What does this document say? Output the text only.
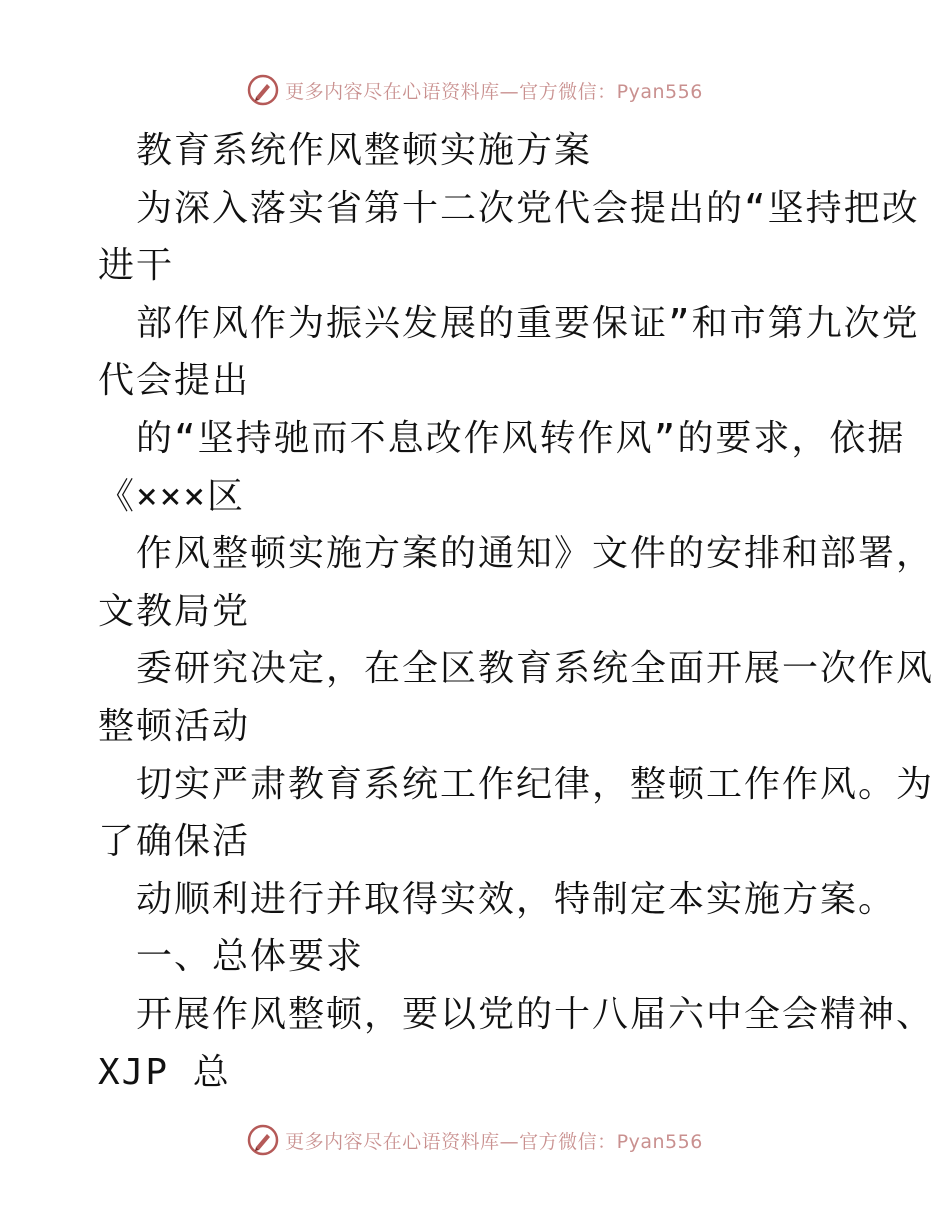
更多内容尽在心语资料库—官方微信：Pyan556
教育系统作风整顿实施方案
为深入落实省第十二次党代会提出的“坚持把改
进干
部作风作为振兴发展的重要保证”和市第九次党
代会提出
的“坚持驰而不息改作风转作风”的要求，依据
《×××区
作风整顿实施方案的通知》文件的安排和部署，
文教局党
委研究决定，在全区教育系统全面开展一次作风
整顿活动
切实严肃教育系统工作纪律，整顿工作作风。为
了确保活
动顺利进行并取得实效，特制定本实施方案。
一、总体要求
开展作风整顿，要以党的十八届六中全会精神、
XJP 总
更多内容尽在心语资料库—官方微信：Pyan556
